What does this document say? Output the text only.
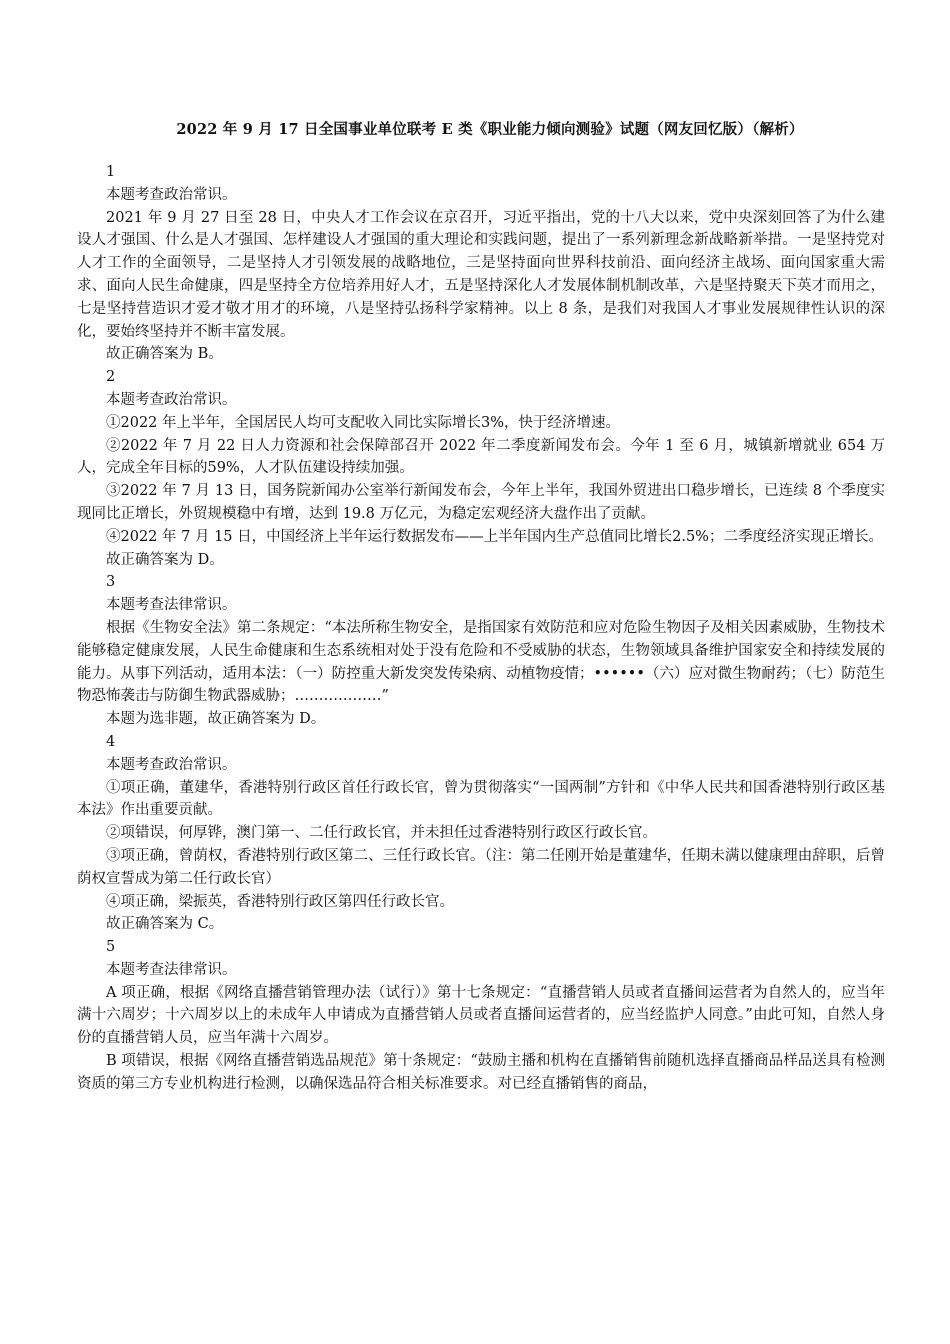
2022 年 9 月 17 日全国事业单位联考 E 类《职业能力倾向测验》试题（网友回忆版）（解析）

1

本题考查政治常识。

2021 年 9 月 27 日至 28 日，中央人才工作会议在京召开，习近平指出，党的十八大以来，党中央深刻回答了为什么建设人才强国、什么是人才强国、怎样建设人才强国的重大理论和实践问题，提出了一系列新理念新战略新举措。一是坚持党对人才工作的全面领导，二是坚持人才引领发展的战略地位，三是坚持面向世界科技前沿、面向经济主战场、面向国家重大需求、面向人民生命健康，四是坚持全方位培养用好人才，五是坚持深化人才发展体制机制改革，六是坚持聚天下英才而用之，七是坚持营造识才爱才敬才用才的环境，八是坚持弘扬科学家精神。以上 8 条，是我们对我国人才事业发展规律性认识的深化，要始终坚持并不断丰富发展。

故正确答案为 B。

2

本题考查政治常识。

①2022 年上半年，全国居民人均可支配收入同比实际增长3%，快于经济增速。

②2022 年 7 月 22 日人力资源和社会保障部召开 2022 年二季度新闻发布会。今年 1 至 6 月，城镇新增就业 654 万人，完成全年目标的59%，人才队伍建设持续加强。

③2022 年 7 月 13 日，国务院新闻办公室举行新闻发布会，今年上半年，我国外贸进出口稳步增长，已连续 8 个季度实现同比正增长，外贸规模稳中有增，达到 19.8 万亿元，为稳定宏观经济大盘作出了贡献。

④2022 年 7 月 15 日，中国经济上半年运行数据发布——上半年国内生产总值同比增长2.5%；二季度经济实现正增长。

故正确答案为 D。

3

本题考查法律常识。

根据《生物安全法》第二条规定：“本法所称生物安全，是指国家有效防范和应对危险生物因子及相关因素威胁，生物技术能够稳定健康发展，人民生命健康和生态系统相对处于没有危险和不受威胁的状态，生物领域具备维护国家安全和持续发展的能力。从事下列活动，适用本法：（一）防控重大新发突发传染病、动植物疫情；••••••（六）应对微生物耐药；（七）防范生物恐怖袭击与防御生物武器威胁；………………”

本题为选非题，故正确答案为 D。

4

本题考查政治常识。

①项正确，董建华，香港特别行政区首任行政长官，曾为贯彻落实“一国两制”方针和《中华人民共和国香港特别行政区基本法》作出重要贡献。

②项错误，何厚铧，澳门第一、二任行政长官，并未担任过香港特别行政区行政长官。

③项正确，曾荫权，香港特别行政区第二、三任行政长官。（注：第二任刚开始是董建华，任期未满以健康理由辞职，后曾荫权宣誓成为第二任行政长官）

④项正确，梁振英，香港特别行政区第四任行政长官。

故正确答案为 C。

5

本题考查法律常识。

A 项正确，根据《网络直播营销管理办法（试行）》第十七条规定：“直播营销人员或者直播间运营者为自然人的，应当年满十六周岁；十六周岁以上的未成年人申请成为直播营销人员或者直播间运营者的，应当经监护人同意。”由此可知，自然人身份的直播营销人员，应当年满十六周岁。

B 项错误，根据《网络直播营销选品规范》第十条规定：“鼓励主播和机构在直播销售前随机选择直播商品样品送具有检测资质的第三方专业机构进行检测，以确保选品符合相关标准要求。对已经直播销售的商品，
